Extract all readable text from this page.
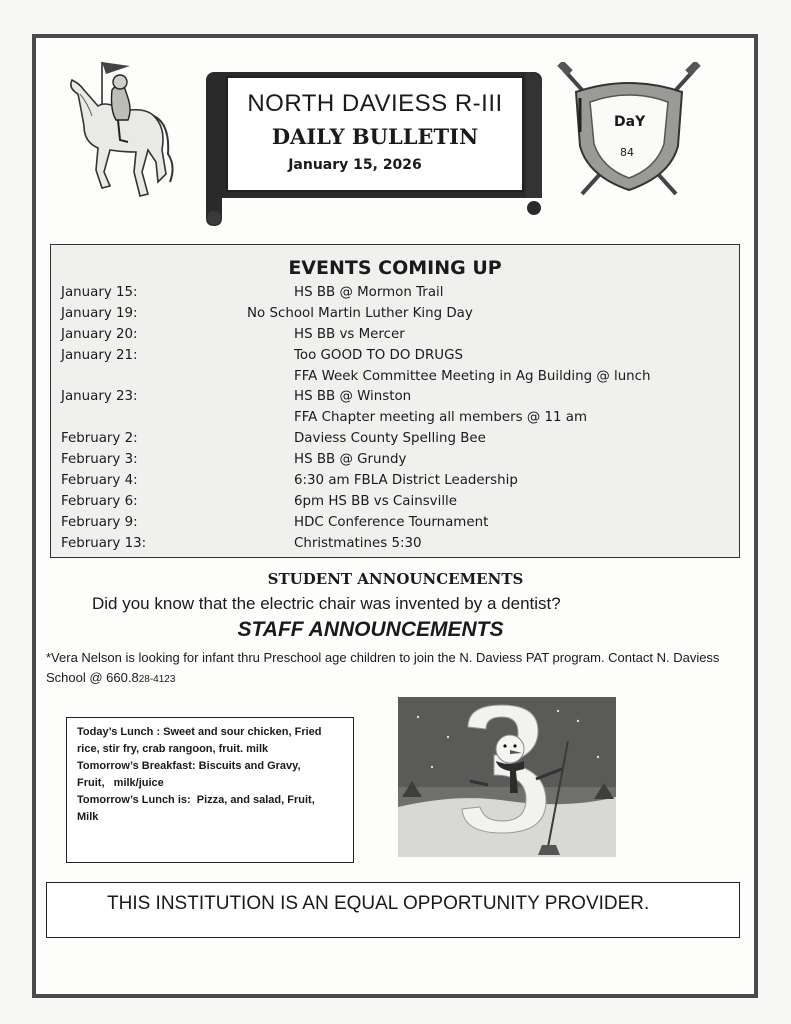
NORTH DAVIESS R-III
DAILY BULLETIN
January 15, 2026
DaY
84
EVENTS COMING UP
January 15:	HS BB @ Mormon Trail
January 19:	No School Martin Luther King Day
January 20:	HS BB vs Mercer
January 21:	Too GOOD TO DO DRUGS
FFA Week Committee Meeting in Ag Building @ lunch
January 23:	HS BB @ Winston
FFA Chapter meeting all members @ 11 am
February 2:	Daviess County Spelling Bee
February 3:	HS BB @ Grundy
February 4:	6:30 am FBLA District Leadership
February 6:	6pm HS BB vs Cainsville
February 9:	HDC Conference Tournament
February 13:	Christmatines 5:30
STUDENT ANNOUNCEMENTS
Did you know that the electric chair was invented by a dentist?
STAFF ANNOUNCEMENTS
*Vera Nelson is looking for infant thru Preschool age children to join the N. Daviess PAT program. Contact N. Daviess School @ 660.828-4123
Today’s Lunch : Sweet and sour chicken, Fried
rice, stir fry, crab rangoon, fruit. milk
Tomorrow’s Breakfast: Biscuits and Gravy,
Fruit,   milk/juice
Tomorrow’s Lunch is:  Pizza, and salad, Fruit,
Milk
THIS INSTITUTION IS AN EQUAL OPPORTUNITY PROVIDER.
